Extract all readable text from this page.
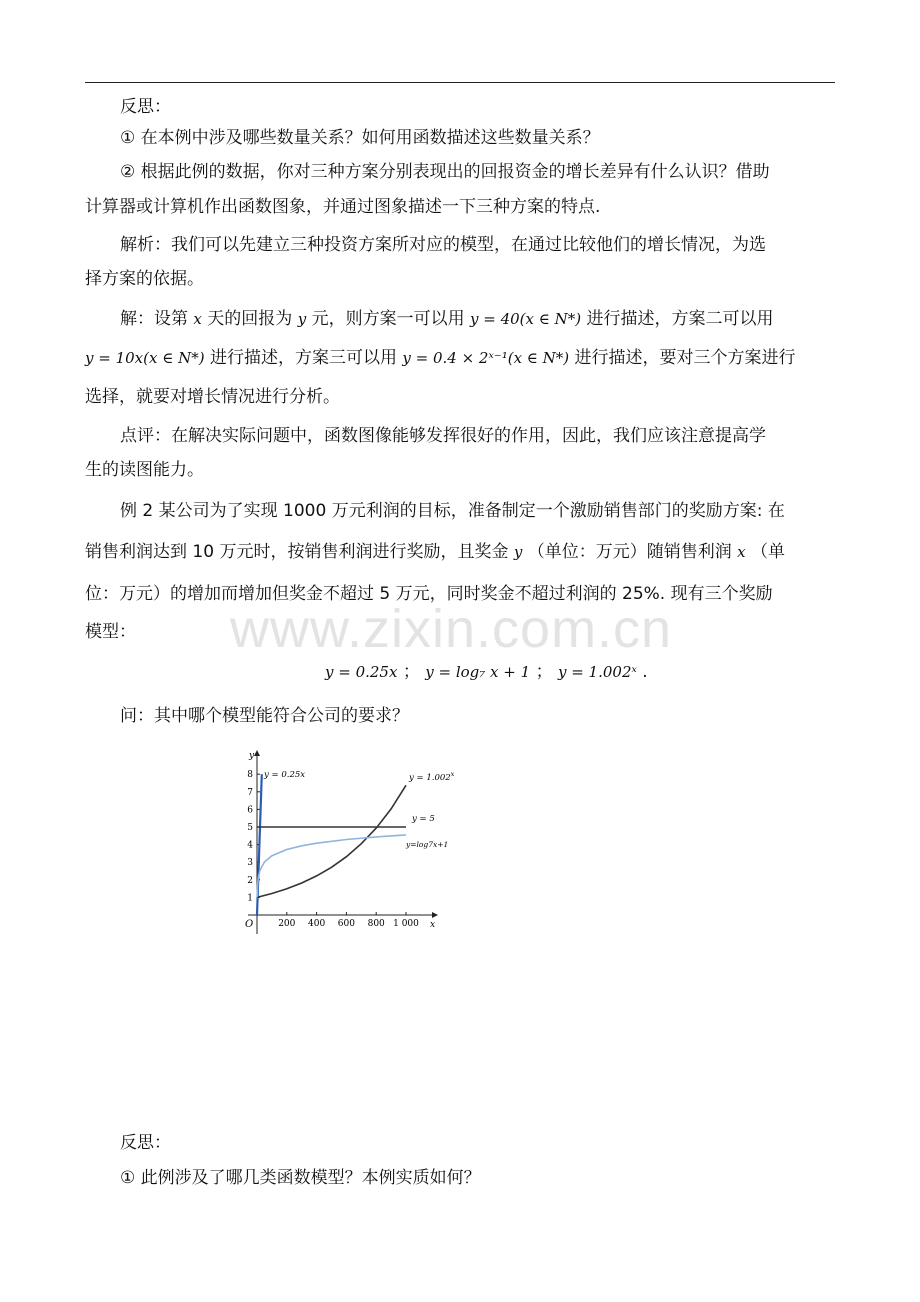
www.zixin.com.cn
反思：
① 在本例中涉及哪些数量关系？如何用函数描述这些数量关系？
② 根据此例的数据，你对三种方案分别表现出的回报资金的增长差异有什么认识？借助
计算器或计算机作出函数图象，并通过图象描述一下三种方案的特点.
解析：我们可以先建立三种投资方案所对应的模型，在通过比较他们的增长情况，为选
择方案的依据。
解：设第 x 天的回报为 y 元，则方案一可以用 y = 40(x ∈ N*) 进行描述，方案二可以用
y = 10x(x ∈ N*) 进行描述，方案三可以用 y = 0.4 × 2ˣ⁻¹(x ∈ N*) 进行描述，要对三个方案进行
选择，就要对增长情况进行分析。
点评：在解决实际问题中，函数图像能够发挥很好的作用，因此，我们应该注意提高学
生的读图能力。
例 2 某公司为了实现 1000 万元利润的目标，准备制定一个激励销售部门的奖励方案: 在
销售利润达到 10 万元时，按销售利润进行奖励，且奖金 y （单位：万元）随销售利润 x （单
位：万元）的增加而增加但奖金不超过 5 万元，同时奖金不超过利润的 25%. 现有三个奖励
模型：
y = 0.25x ； y = log₇ x + 1 ； y = 1.002ˣ .
问：其中哪个模型能符合公司的要求？
x
y
O	200 400 600 800 1 000
1
2
3
4
5
6
7
8 y = 0.25x	$y = 1.002^x$
y = 5
y=log7x+1
反思：
① 此例涉及了哪几类函数模型？本例实质如何？
